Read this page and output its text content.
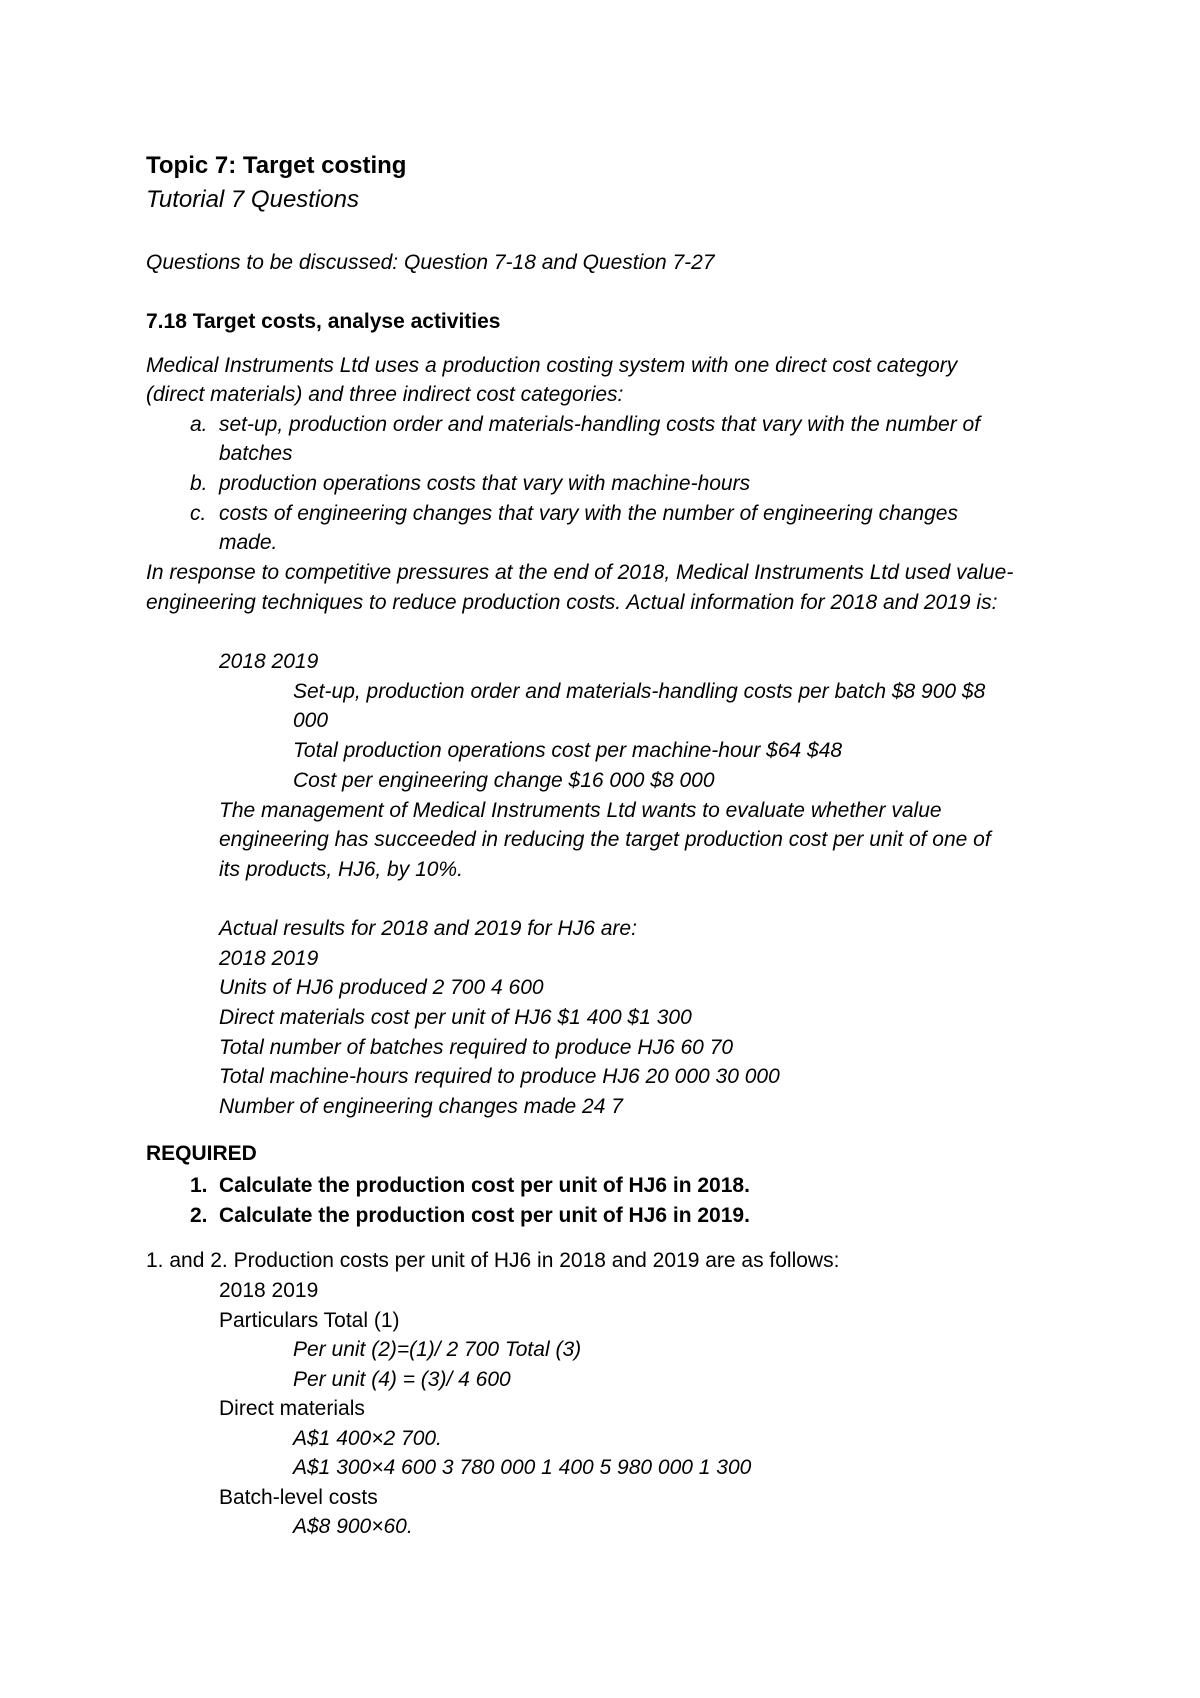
Topic 7: Target costing
Tutorial 7 Questions
Questions to be discussed: Question 7-18 and Question 7-27
7.18 Target costs, analyse activities
Medical Instruments Ltd uses a production costing system with one direct cost category
(direct materials) and three indirect cost categories:
a. set-up, production order and materials-handling costs that vary with the number of
batches
b. production operations costs that vary with machine-hours
c. costs of engineering changes that vary with the number of engineering changes
made.
In response to competitive pressures at the end of 2018, Medical Instruments Ltd used value-
engineering techniques to reduce production costs. Actual information for 2018 and 2019 is:
2018 2019
Set-up, production order and materials-handling costs per batch $8 900 $8
000
Total production operations cost per machine-hour $64 $48
Cost per engineering change $16 000 $8 000
The management of Medical Instruments Ltd wants to evaluate whether value
engineering has succeeded in reducing the target production cost per unit of one of
its products, HJ6, by 10%.
Actual results for 2018 and 2019 for HJ6 are:
2018 2019
Units of HJ6 produced 2 700 4 600
Direct materials cost per unit of HJ6 $1 400 $1 300
Total number of batches required to produce HJ6 60 70
Total machine-hours required to produce HJ6 20 000 30 000
Number of engineering changes made 24 7
REQUIRED
1. Calculate the production cost per unit of HJ6 in 2018.
2. Calculate the production cost per unit of HJ6 in 2019.
1. and 2. Production costs per unit of HJ6 in 2018 and 2019 are as follows:
2018 2019
Particulars Total (1)
Per unit (2)=(1)/ 2 700 Total (3)
Per unit (4) = (3)/ 4 600
Direct materials
A$1 400×2 700.
A$1 300×4 600 3 780 000 1 400 5 980 000 1 300
Batch-level costs
A$8 900×60.
